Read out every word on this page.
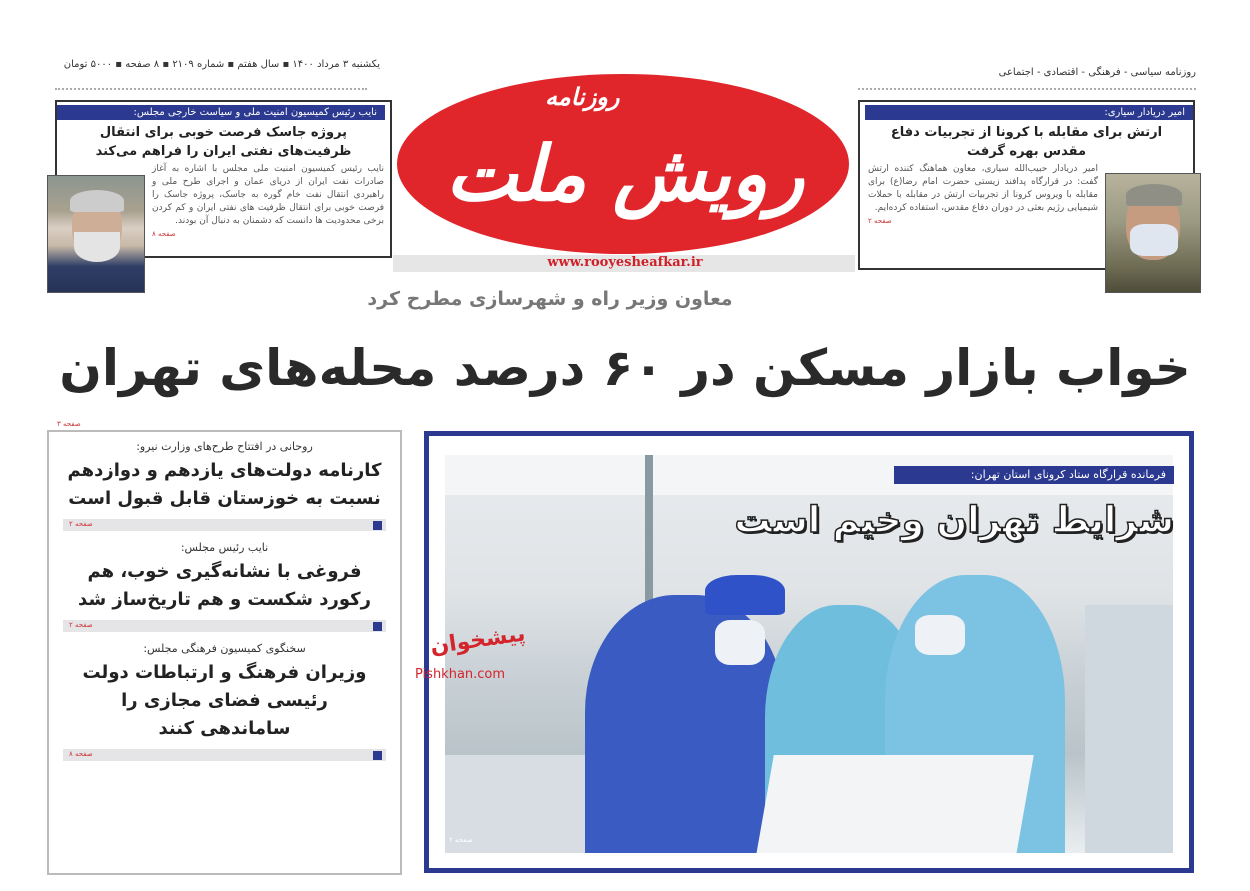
یکشنبه ۳ مرداد ۱۴۰۰ ▪ سال هفتم ▪ شماره ۲۱۰۹ ▪ ۸ صفحه ▪ ۵۰۰۰ تومان
روزنامه سیاسی - فرهنگی - اقتصادی - اجتماعی
روزنامه
رویش ملت
www.rooyesheafkar.ir
نایب رئیس کمیسیون امنیت ملی و سیاست خارجی مجلس:
پروژه جاسک فرصت خوبی برای انتقال ظرفیت‌های نفتی ایران را فراهم می‌کند
نایب رئیس کمیسیون امنیت ملی مجلس با اشاره به آغاز صادرات نفت ایران از دریای عمان و اجرای طرح ملی و راهبردی انتقال نفت خام گوره به جاسک، پروژه جاسک را فرصت خوبی برای انتقال ظرفیت های نفتی ایران و کم کردن برخی محدودیت ها دانست که دشمنان به دنبال آن بودند.
صفحه ۸
امیر دریادار سیاری:
ارتش برای مقابله با کرونا از تجربیات دفاع مقدس بهره گرفت
امیر دریادار حبیب‌الله سیاری، معاون هماهنگ کننده ارتش گفت: در قرارگاه پدافند زیستی حضرت امام رضا(ع) برای مقابله با ویروس کرونا از تجربیات ارتش در مقابله با حملات شیمیایی رژیم بعثی در دوران دفاع مقدس، استفاده کرده‌ایم.
صفحه ۲
معاون وزیر راه و شهرسازی مطرح کرد
خواب بازار مسکن در ۶۰ درصد محله‌های تهران
صفحه ۳
روحانی در افتتاح طرح‌های وزارت نیرو:
کارنامه دولت‌های یازدهم و دوازدهم نسبت به خوزستان قابل قبول است
صفحه ۲
نایب رئیس مجلس:
فروغی با نشانه‌گیری خوب، هم رکورد شکست و هم تاریخ‌ساز شد
صفحه ۲
سخنگوی کمیسیون فرهنگی مجلس:
وزیران فرهنگ و ارتباطات دولت رئیسی فضای مجازی را ساماندهی کنند
صفحه ۸
فرمانده قرارگاه ستاد کرونای استان تهران:
شرایط تهران وخیم است
صفحه ۲
پیشخوان
Pishkhan.com
